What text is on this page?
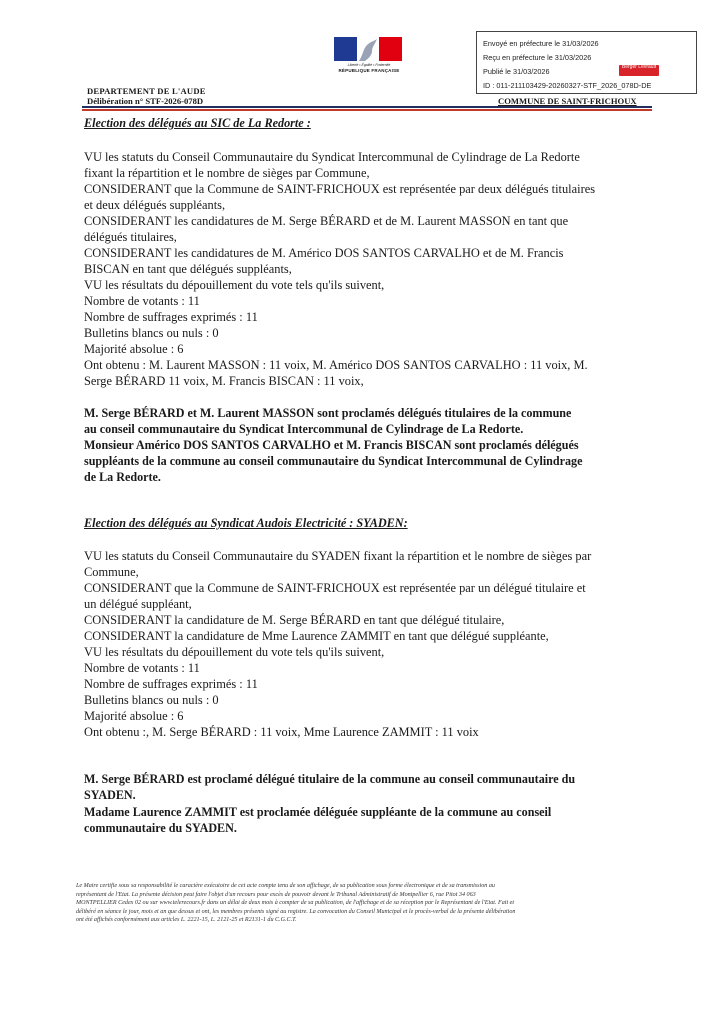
Liberté • Égalité • Fraternité
RÉPUBLIQUE FRANÇAISE
Envoyé en préfecture le 31/03/2026
Reçu en préfecture le 31/03/2026
Publié le 31/03/2026
ID : 011-211103429-20260327-STF_2026_078D-DE
Berger Levrault
DEPARTEMENT DE L'AUDE
Délibération n° STF-2026-078D	COMMUNE DE SAINT-FRICHOUX
Election des délégués au SIC de La Redorte :
VU les statuts du Conseil Communautaire du Syndicat Intercommunal de Cylindrage de La Redorte
fixant la répartition et le nombre de sièges par Commune,
CONSIDERANT que la Commune de SAINT-FRICHOUX est représentée par deux délégués titulaires
et deux délégués suppléants,
CONSIDERANT les candidatures de M. Serge BÉRARD et de M. Laurent MASSON en tant que
délégués titulaires,
CONSIDERANT les candidatures de M. Américo DOS SANTOS CARVALHO et de M. Francis
BISCAN en tant que délégués suppléants,
VU les résultats du dépouillement du vote tels qu'ils suivent,
Nombre de votants : 11
Nombre de suffrages exprimés : 11
Bulletins blancs ou nuls : 0
Majorité absolue : 6
Ont obtenu : M. Laurent MASSON : 11 voix, M. Américo DOS SANTOS CARVALHO : 11 voix, M.
Serge BÉRARD 11 voix, M. Francis BISCAN : 11 voix,
M. Serge BÉRARD et M. Laurent MASSON sont proclamés délégués titulaires de la commune
au conseil communautaire du Syndicat Intercommunal de Cylindrage de La Redorte.
Monsieur Américo DOS SANTOS CARVALHO et M. Francis BISCAN sont proclamés délégués
suppléants de la commune au conseil communautaire du Syndicat Intercommunal de Cylindrage
de La Redorte.
Election des délégués au Syndicat Audois Electricité : SYADEN:
VU les statuts du Conseil Communautaire du SYADEN fixant la répartition et le nombre de sièges par
Commune,
CONSIDERANT que la Commune de SAINT-FRICHOUX est représentée par un délégué titulaire et
un délégué suppléant,
CONSIDERANT la candidature de M. Serge BÉRARD en tant que délégué titulaire,
CONSIDERANT la candidature de Mme Laurence ZAMMIT en tant que délégué suppléante,
VU les résultats du dépouillement du vote tels qu'ils suivent,
Nombre de votants : 11
Nombre de suffrages exprimés : 11
Bulletins blancs ou nuls : 0
Majorité absolue : 6
Ont obtenu :, M. Serge BÉRARD : 11 voix, Mme Laurence ZAMMIT : 11 voix
M. Serge BÉRARD est proclamé délégué titulaire de la commune au conseil communautaire du
SYADEN.
Madame Laurence ZAMMIT est proclamée déléguée suppléante de la commune au conseil
communautaire du SYADEN.
Le Maire certifie sous sa responsabilité le caractère exécutoire de cet acte compte tenu de son affichage, de sa publication sous forme électronique et de sa transmission au
représentant de l'Etat. La présente décision peut faire l'objet d'un recours pour excès de pouvoir devant le Tribunal Administratif de Montpellier 6, rue Pitot 34 063
MONTPELLIER Cedex 02 ou sur www.telerecours.fr dans un délai de deux mois à compter de sa publication, de l'affichage et de sa réception par le Représentant de l'Etat. Fait et
délibéré en séance le jour, mois et an que dessus et ont, les membres présents signé au registre. La convocation du Conseil Municipal et le procès-verbal de la présente délibération
ont été affichés conformément aux articles L. 2221-15, L. 2121-25 et R2131-1 du C.G.C.T.
